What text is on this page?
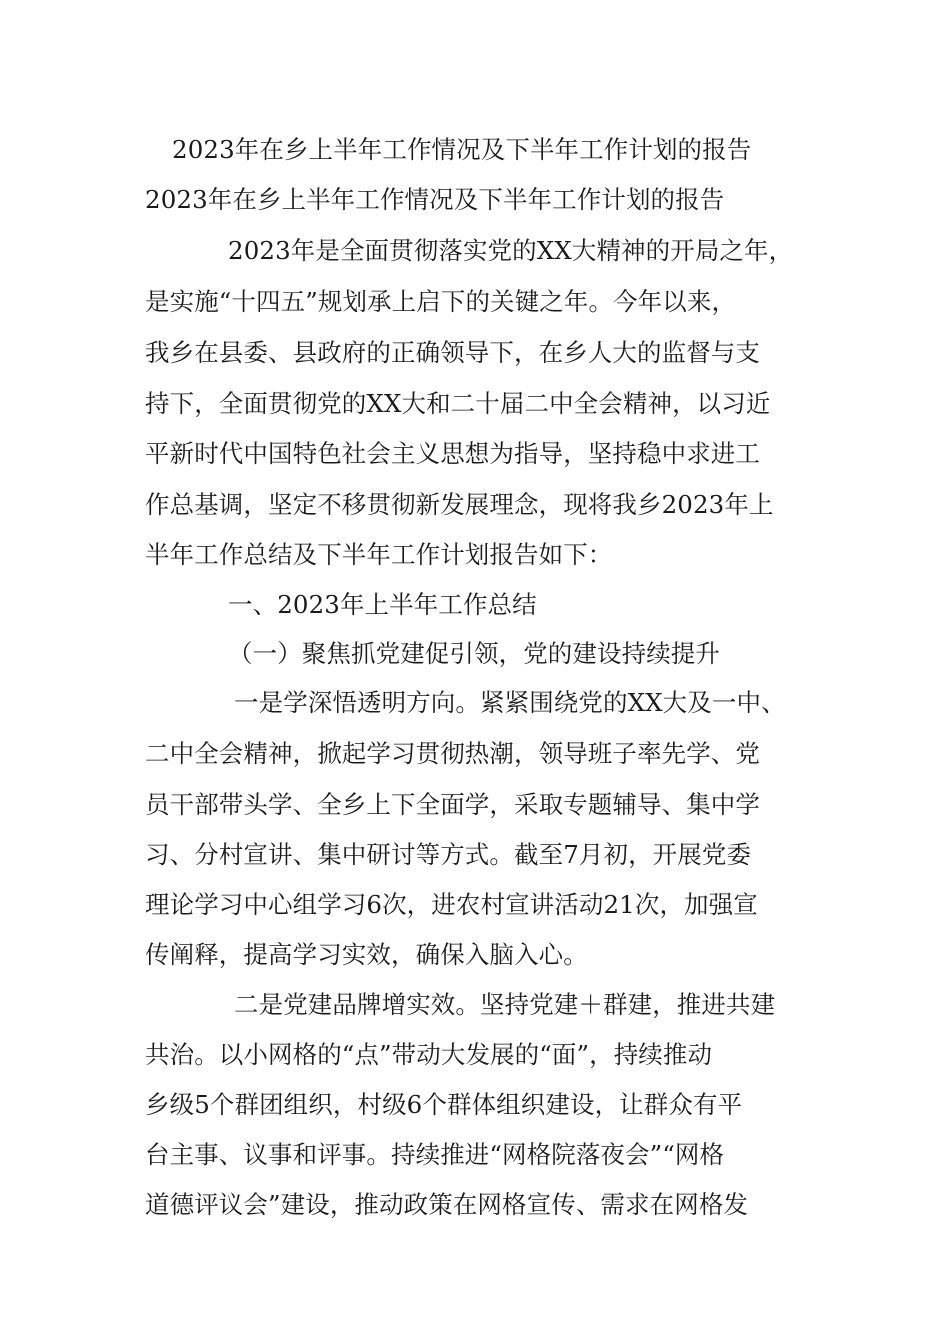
2023年在乡上半年工作情况及下半年工作计划的报告
2023年在乡上半年工作情况及下半年工作计划的报告
2023年是全面贯彻落实党的XX大精神的开局之年，
是实施“十四五”规划承上启下的关键之年。今年以来，
我乡在县委、县政府的正确领导下，在乡人大的监督与支
持下，全面贯彻党的XX大和二十届二中全会精神，以习近
平新时代中国特色社会主义思想为指导，坚持稳中求进工
作总基调，坚定不移贯彻新发展理念，现将我乡2023年上
半年工作总结及下半年工作计划报告如下：
一、2023年上半年工作总结
（一）聚焦抓党建促引领，党的建设持续提升
一是学深悟透明方向。紧紧围绕党的XX大及一中、
二中全会精神，掀起学习贯彻热潮，领导班子率先学、党
员干部带头学、全乡上下全面学，采取专题辅导、集中学
习、分村宣讲、集中研讨等方式。截至7月初，开展党委
理论学习中心组学习6次，进农村宣讲活动21次，加强宣
传阐释，提高学习实效，确保入脑入心。
二是党建品牌增实效。坚持党建＋群建，推进共建
共治。以小网格的“点”带动大发展的“面”，持续推动
乡级5个群团组织，村级6个群体组织建设，让群众有平
台主事、议事和评事。持续推进“网格院落夜会”“网格
道德评议会”建设，推动政策在网格宣传、需求在网格发
